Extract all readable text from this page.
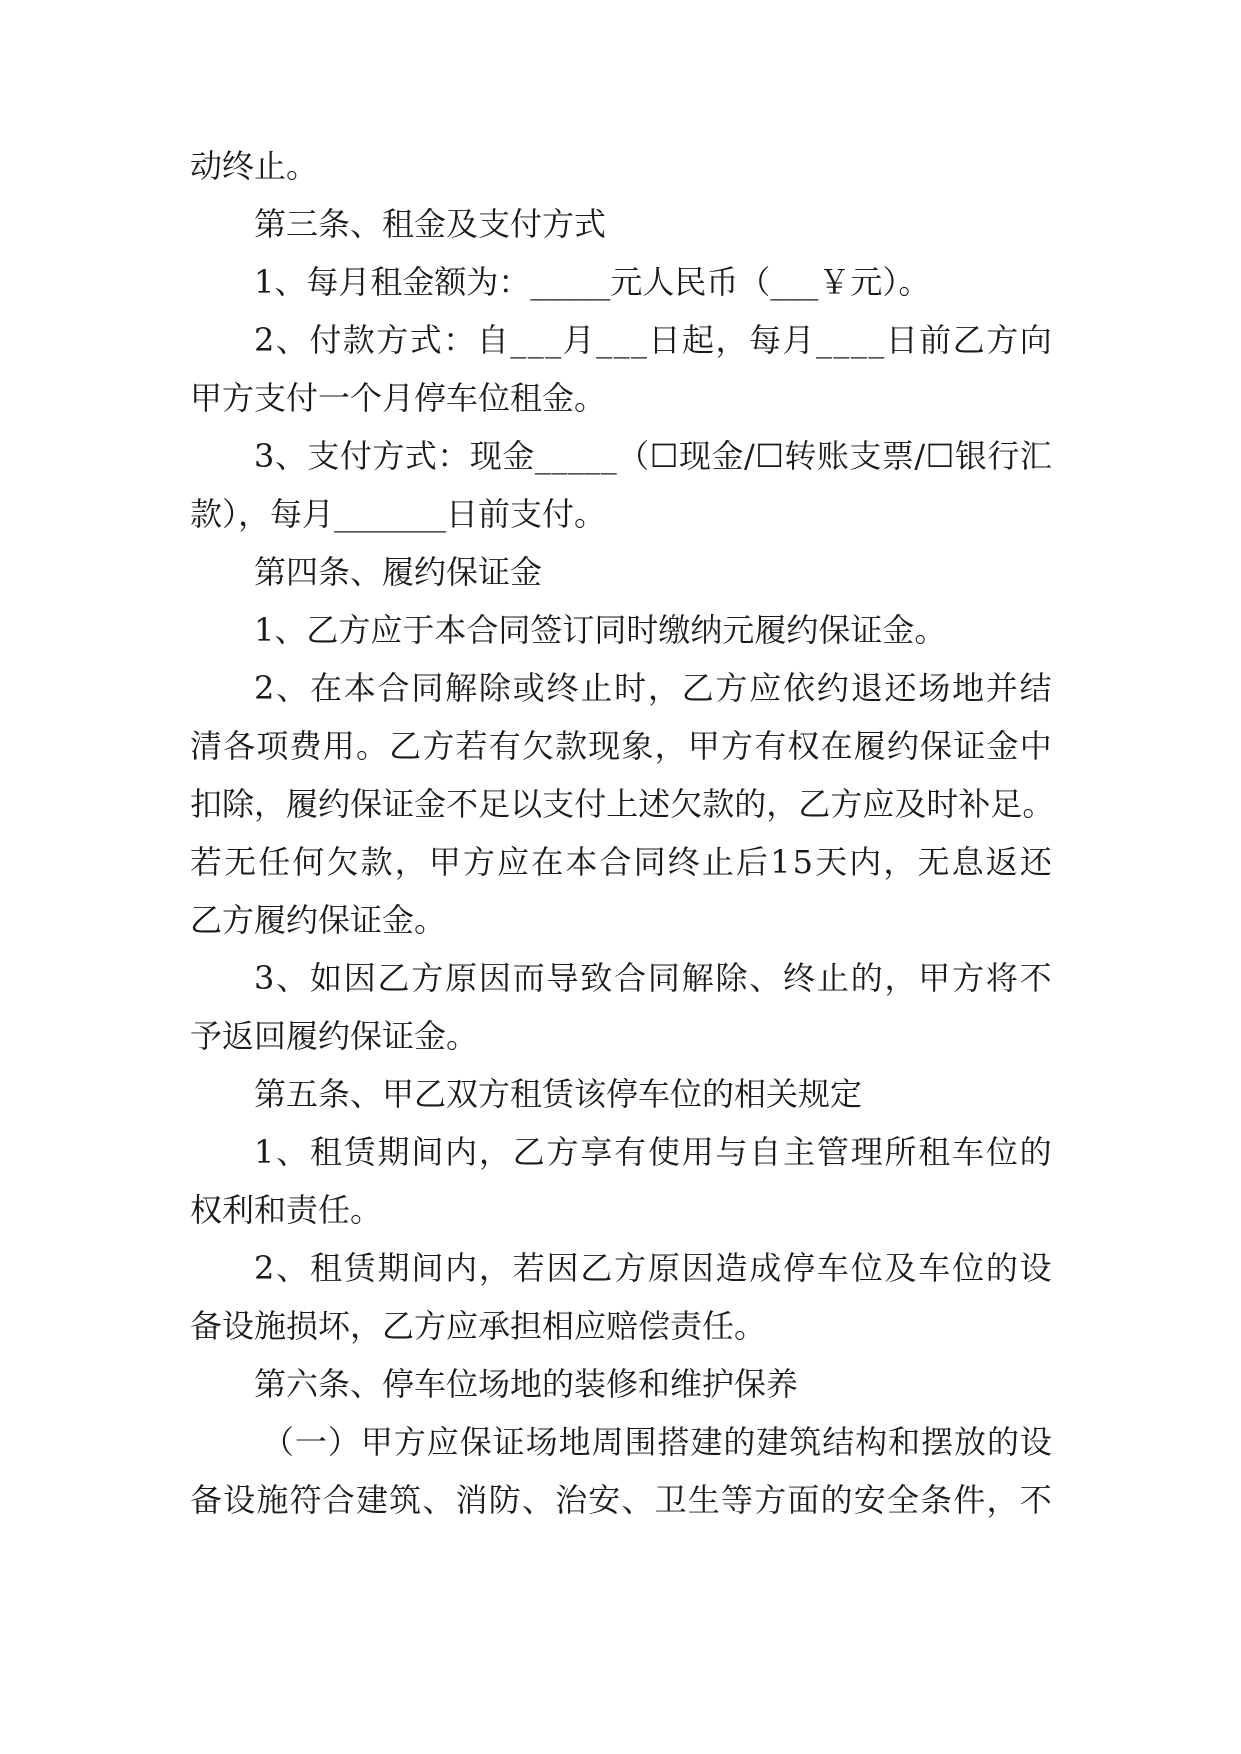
动终止。
第三条、租金及支付方式
1、每月租金额为：_____元人民币（___￥元）。
2 、 付 款 方 式 ： 自 _ _ _ 月 _ _ _ 日 起 ， 每 月 _ _ _ _ 日 前 乙 方 向
甲方支付一个月停车位租金。
3 、 支 付 方 式 ： 现 金 _ _ _ _ _ （ ☐ 现 金 / ☐ 转 账 支 票 / ☐ 银 行 汇
款），每月_______日前支付。
第四条、履约保证金
1、乙方应于本合同签订同时缴纳元履约保证金。
2 、 在 本 合 同 解 除 或 终 止 时 ， 乙 方 应 依 约 退 还 场 地 并 结
清 各 项 费 用 。 乙 方 若 有 欠 款 现 象 ， 甲 方 有 权 在 履 约 保 证 金 中
扣 除 ， 履 约 保 证 金 不 足 以 支 付 上 述 欠 款 的 ， 乙 方 应 及 时 补 足 。
若 无 任 何 欠 款 ， 甲 方 应 在 本 合 同 终 止 后 1 5 天 内 ， 无 息 返 还
乙方履约保证金。
3 、 如 因 乙 方 原 因 而 导 致 合 同 解 除 、 终 止 的 ， 甲 方 将 不
予返回履约保证金。
第五条、甲乙双方租赁该停车位的相关规定
1 、 租 赁 期 间 内 ， 乙 方 享 有 使 用 与 自 主 管 理 所 租 车 位 的
权利和责任。
2 、 租 赁 期 间 内 ， 若 因 乙 方 原 因 造 成 停 车 位 及 车 位 的 设
备设施损坏，乙方应承担相应赔偿责任。
第六条、停车位场地的装修和维护保养
（ 一 ） 甲 方 应 保 证 场 地 周 围 搭 建 的 建 筑 结 构 和 摆 放 的 设
备 设 施 符 合 建 筑 、 消 防 、 治 安 、 卫 生 等 方 面 的 安 全 条 件 ， 不
